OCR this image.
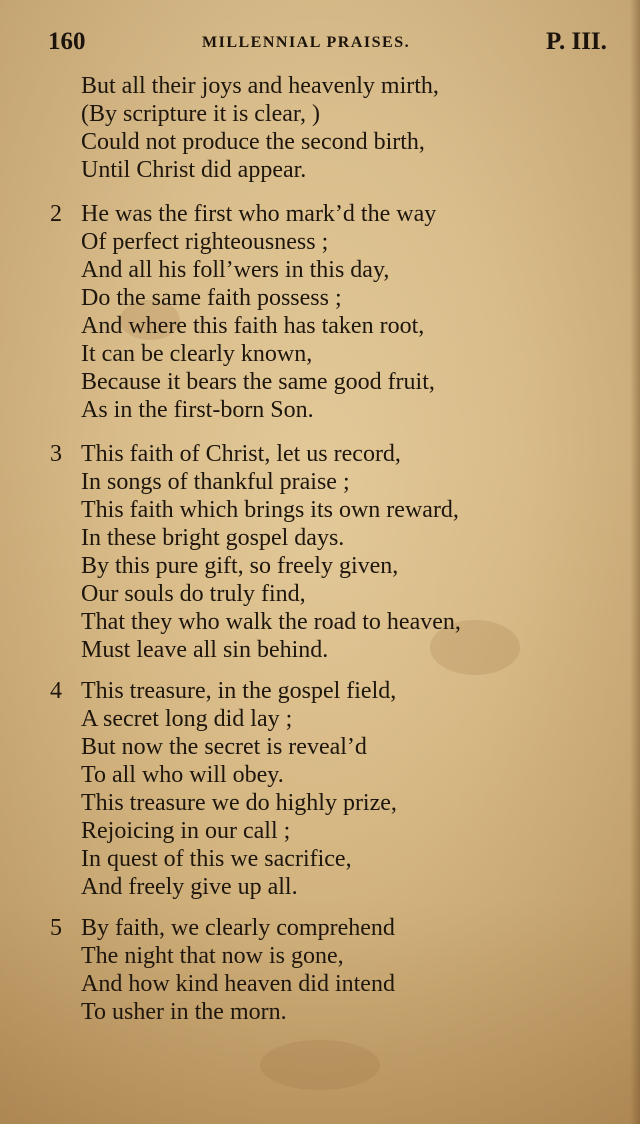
160	MILLENNIAL PRAISES.	P. III.
But all their joys and heavenly mirth,
(By scripture it is clear, )
Could not produce the second birth,
Until Christ did appear.
2 He was the first who mark’d the way
Of perfect righteousness ;
And all his foll’wers in this day,
Do the same faith possess ;
And where this faith has taken root,
It can be clearly known,
Because it bears the same good fruit,
As in the first-born Son.
3 This faith of Christ, let us record,
In songs of thankful praise ;
This faith which brings its own reward,
In these bright gospel days.
By this pure gift, so freely given,
Our souls do truly find,
That they who walk the road to heaven,
Must leave all sin behind.
4 This treasure, in the gospel field,
A secret long did lay ;
But now the secret is reveal’d
To all who will obey.
This treasure we do highly prize,
Rejoicing in our call ;
In quest of this we sacrifice,
And freely give up all.
5 By faith, we clearly comprehend
The night that now is gone,
And how kind heaven did intend
To usher in the morn.
